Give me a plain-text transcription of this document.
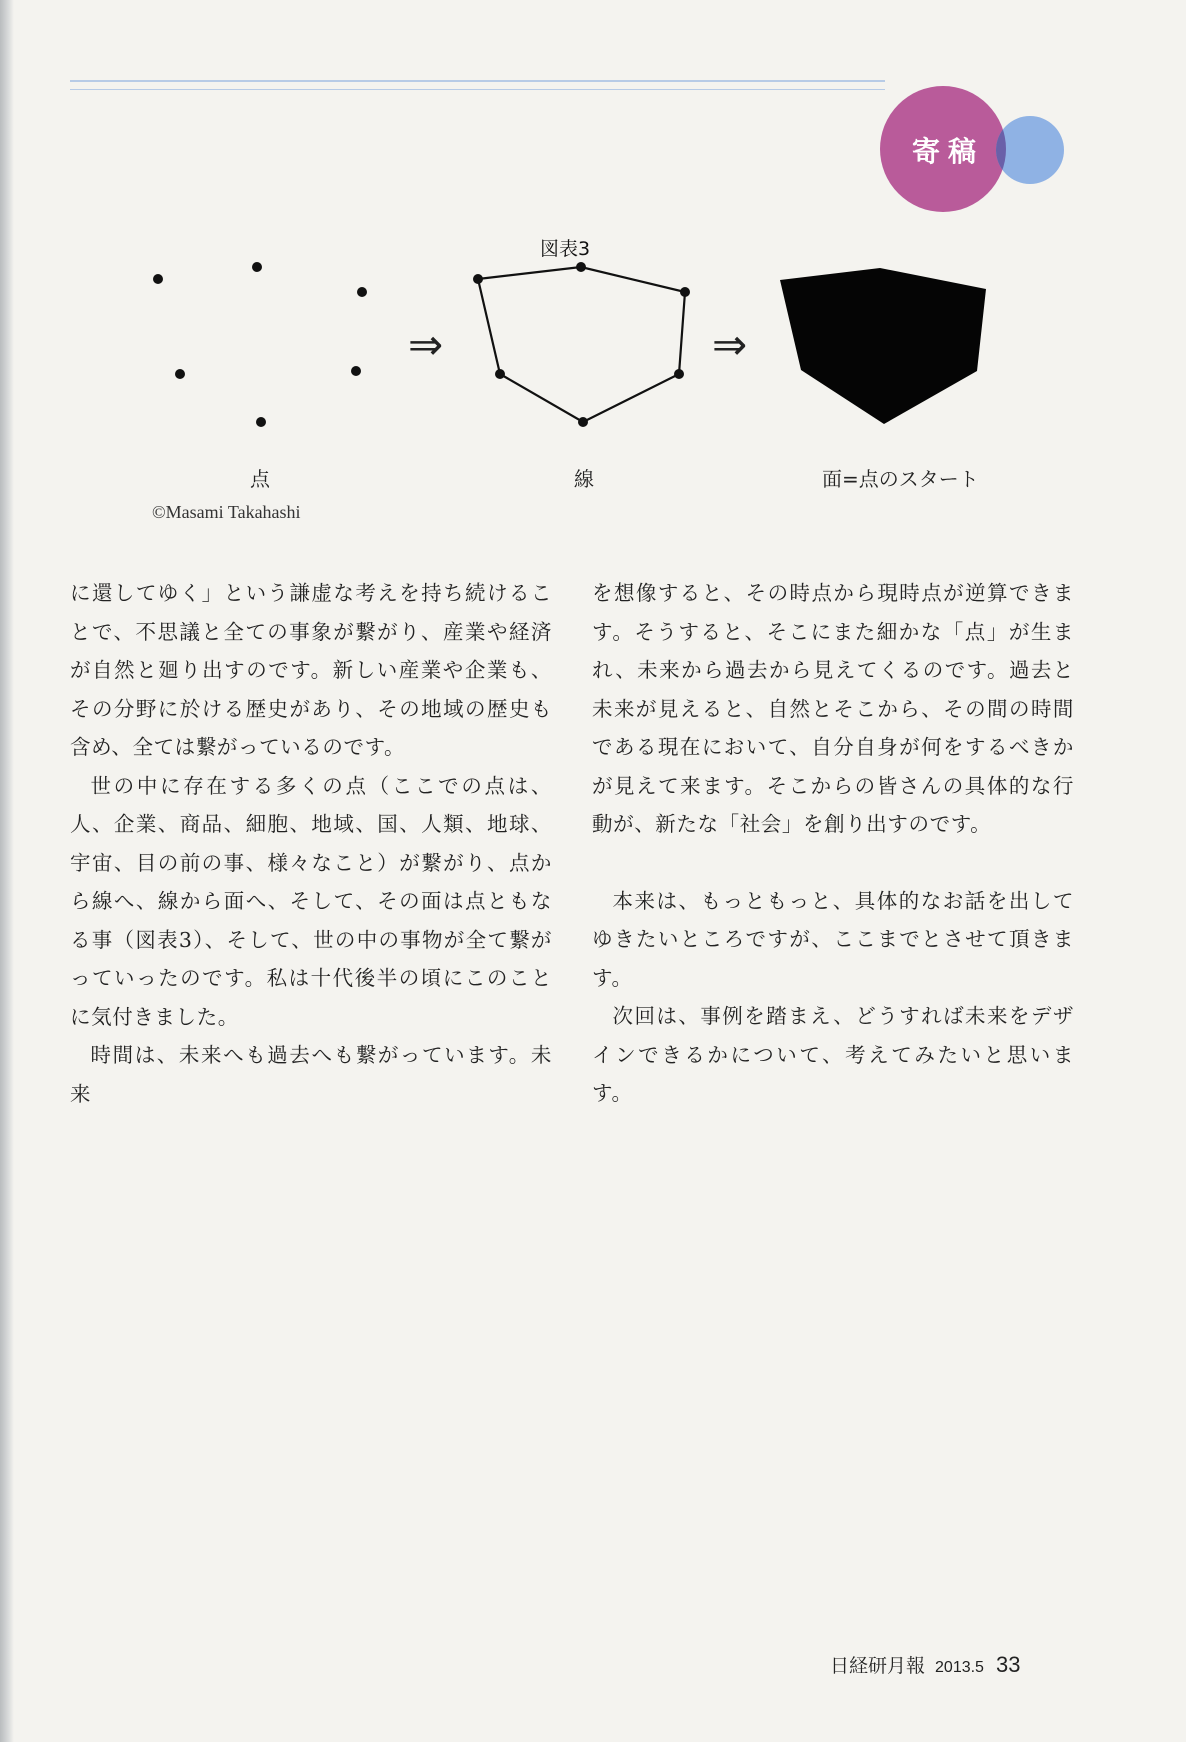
寄稿
図表3
⇒	⇒
点	線	面=点のスタート
©Masami Takahashi

に還してゆく」という謙虚な考えを持ち続けることで、不思議と全ての事象が繋がり、産業や経済が自然と廻り出すのです。新しい産業や企業も、その分野に於ける歴史があり、その地域の歴史も含め、全ては繋がっているのです。

世の中に存在する多くの点（ここでの点は、人、企業、商品、細胞、地域、国、人類、地球、宇宙、目の前の事、様々なこと）が繋がり、点から線へ、線から面へ、そして、その面は点ともなる事（図表3）、そして、世の中の事物が全て繋がっていったのです。私は十代後半の頃にこのことに気付きました。

時間は、未来へも過去へも繋がっています。未来

を想像すると、その時点から現時点が逆算できます。そうすると、そこにまた細かな「点」が生まれ、未来から過去から見えてくるのです。過去と未来が見えると、自然とそこから、その間の時間である現在において、自分自身が何をするべきかが見えて来ます。そこからの皆さんの具体的な行動が、新たな「社会」を創り出すのです。

本来は、もっともっと、具体的なお話を出してゆきたいところですが、ここまでとさせて頂きます。

次回は、事例を踏まえ、どうすれば未来をデザインできるかについて、考えてみたいと思います。

日経研月報 2013.5 33
